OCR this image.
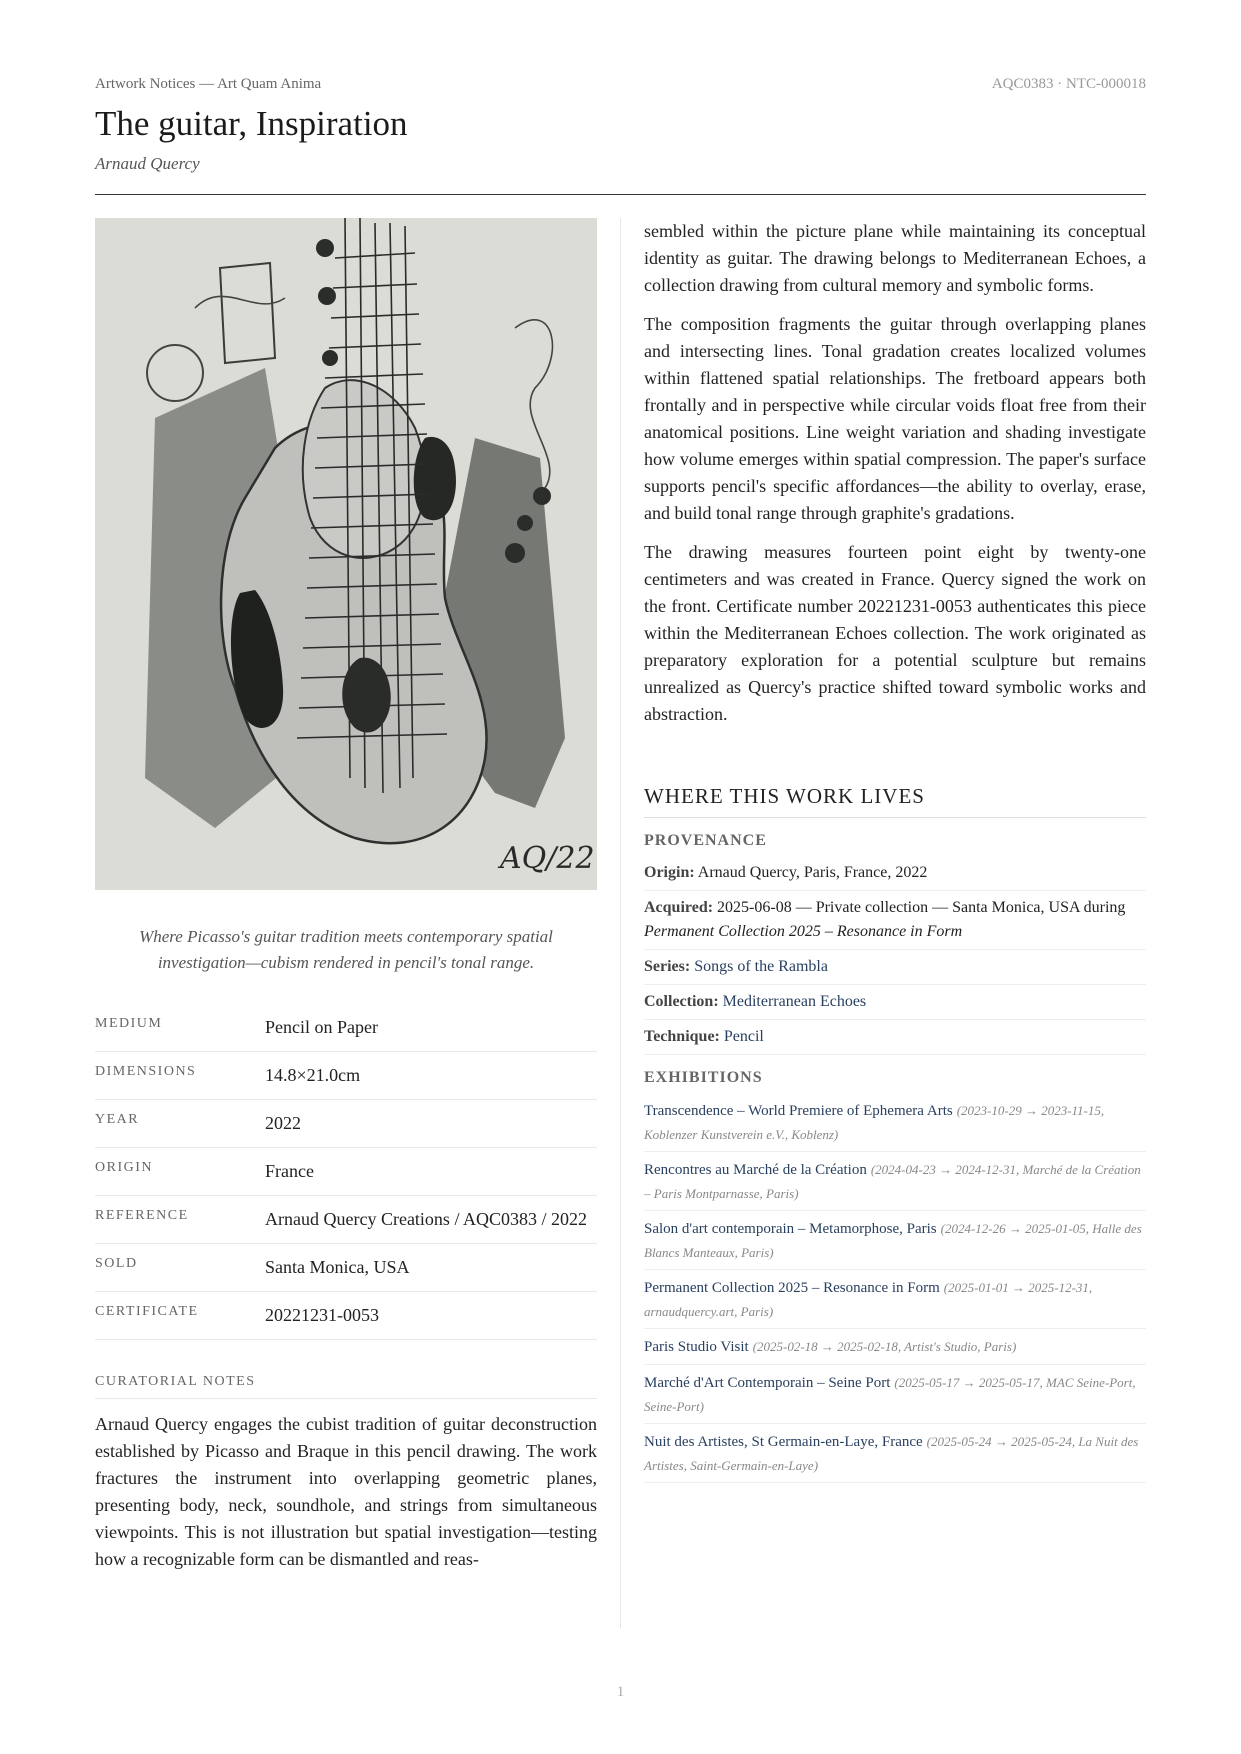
Artwork Notices — Art Quam Anima	AQC0383 · NTC-000018
The guitar, Inspiration
Arnaud Quercy
AQ/22
Where Picasso's guitar tradition meets contemporary spatial investigation—cubism rendered in pencil's tonal range.
MEDIUM	Pencil on Paper
DIMENSIONS	14.8×21.0cm
YEAR	2022
ORIGIN	France
REFERENCE	Arnaud Quercy Creations / AQC0383 / 2022
SOLD	Santa Monica, USA
CERTIFICATE	20221231-0053
CURATORIAL NOTES
Arnaud Quercy engages the cubist tradition of guitar deconstruction established by Picasso and Braque in this pencil drawing. The work fractures the instrument into overlapping geometric planes, presenting body, neck, soundhole, and strings from simultaneous viewpoints. This is not illustration but spatial investigation—testing how a recognizable form can be dismantled and reas-

sembled within the picture plane while maintaining its conceptual identity as guitar. The drawing belongs to Mediterranean Echoes, a collection drawing from cultural memory and symbolic forms.

The composition fragments the guitar through overlapping planes and intersecting lines. Tonal gradation creates localized volumes within flattened spatial relationships. The fretboard appears both frontally and in perspective while circular voids float free from their anatomical positions. Line weight variation and shading investigate how volume emerges within spatial compression. The paper's surface supports pencil's specific affordances—the ability to overlay, erase, and build tonal range through graphite's gradations.

The drawing measures fourteen point eight by twenty-one centimeters and was created in France. Quercy signed the work on the front. Certificate number 20221231-0053 authenticates this piece within the Mediterranean Echoes collection. The work originated as preparatory exploration for a potential sculpture but remains unrealized as Quercy's practice shifted toward symbolic works and abstraction.

WHERE THIS WORK LIVES
PROVENANCE
Origin: Arnaud Quercy, Paris, France, 2022
Acquired: 2025-06-08 — Private collection — Santa Monica, USA during Permanent Collection 2025 – Resonance in Form
Series: Songs of the Rambla
Collection: Mediterranean Echoes
Technique: Pencil
EXHIBITIONS
Transcendence – World Premiere of Ephemera Arts (2023-10-29 → 2023-11-15, Koblenzer Kunstverein e.V., Koblenz)
Rencontres au Marché de la Création (2024-04-23 → 2024-12-31, Marché de la Création – Paris Montparnasse, Paris)
Salon d'art contemporain – Metamorphose, Paris (2024-12-26 → 2025-01-05, Halle des Blancs Manteaux, Paris)
Permanent Collection 2025 – Resonance in Form (2025-01-01 → 2025-12-31, arnaudquercy.art, Paris)
Paris Studio Visit (2025-02-18 → 2025-02-18, Artist's Studio, Paris)
Marché d'Art Contemporain – Seine Port (2025-05-17 → 2025-05-17, MAC Seine-Port, Seine-Port)
Nuit des Artistes, St Germain-en-Laye, France (2025-05-24 → 2025-05-24, La Nuit des Artistes, Saint-Germain-en-Laye)
1
